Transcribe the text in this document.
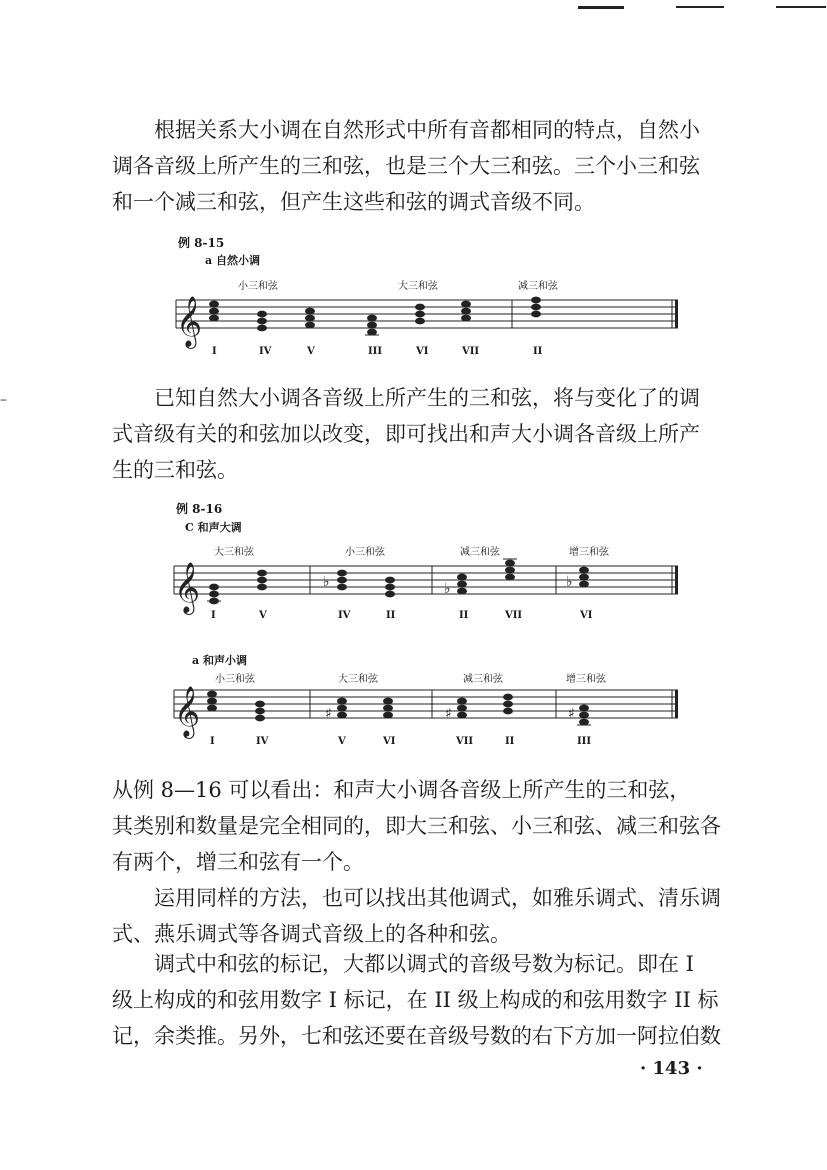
–

　　根据关系大小调在自然形式中所有音都相同的特点，自然小
调各音级上所产生的三和弦，也是三个大三和弦。三个小三和弦
和一个减三和弦，但产生这些和弦的调式音级不同。

例 8-15
a 自然小调
小三和弦	大三和弦	减三和弦
𝄞
I	IV	V	III	VI	VII	II

　　已知自然大小调各音级上所产生的三和弦，将与变化了的调
式音级有关的和弦加以改变，即可找出和声大小调各音级上所产
生的三和弦。

例 8-16
C 和声大调
大三和弦	小三和弦	减三和弦	增三和弦
𝄞	♭	♭	♭
I	V	IV	II	II	VII	VI
a 和声小调
小三和弦	大三和弦	减三和弦	增三和弦
𝄞	♯	♯	♯
I	IV	V	VI	VII	II	III

从例 8—16 可以看出：和声大小调各音级上所产生的三和弦，
其类别和数量是完全相同的，即大三和弦、小三和弦、减三和弦各
有两个，增三和弦有一个。

　　运用同样的方法，也可以找出其他调式，如雅乐调式、清乐调
式、燕乐调式等各调式音级上的各种和弦。

　　调式中和弦的标记，大都以调式的音级号数为标记。即在 I
级上构成的和弦用数字 I 标记，在 II 级上构成的和弦用数字 II 标
记，余类推。另外，七和弦还要在音级号数的右下方加一阿拉伯数

· 143 ·
